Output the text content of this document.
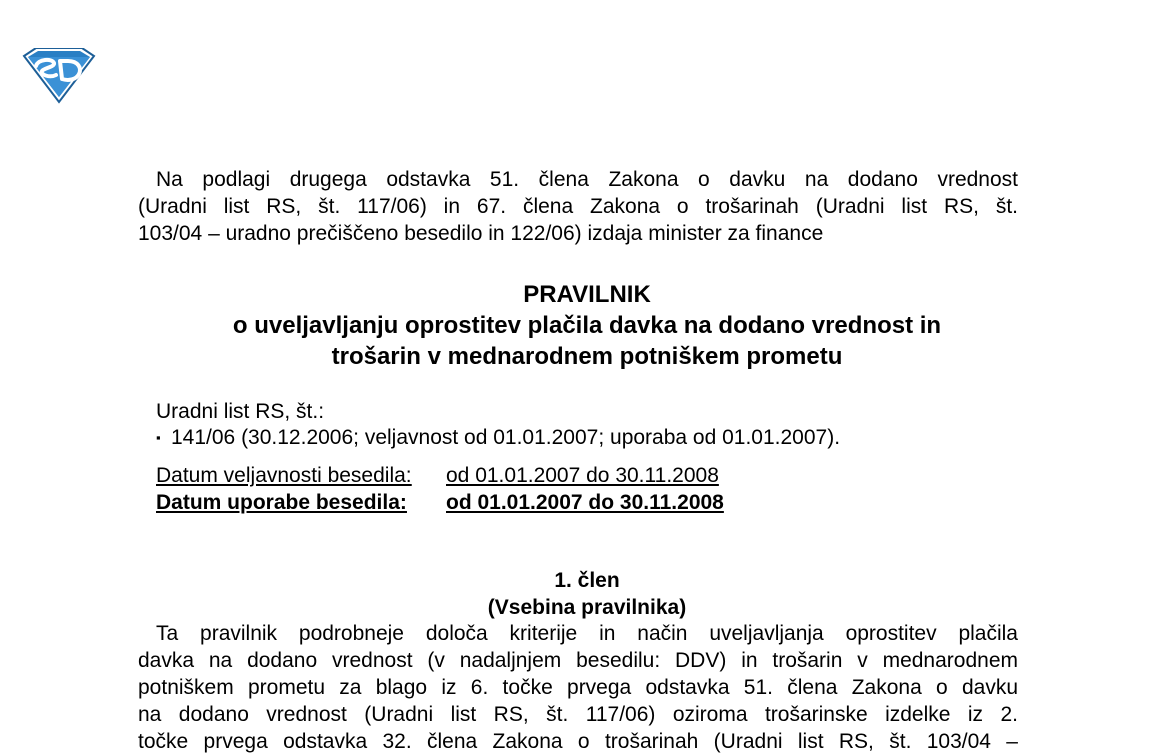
Na podlagi drugega odstavka 51. člena Zakona o davku na dodano vrednost
(Uradni list RS, št. 117/06) in 67. člena Zakona o trošarinah (Uradni list RS, št.
103/04 – uradno prečiščeno besedilo in 122/06) izdaja minister za finance
PRAVILNIK
o uveljavljanju oprostitev plačila davka na dodano vrednost in
trošarin v mednarodnem potniškem prometu
Uradni list RS, št.:
▪ 141/06 (30.12.2006; veljavnost od 01.01.2007; uporaba od 01.01.2007).
Datum veljavnosti besedila: od 01.01.2007 do 30.11.2008
Datum uporabe besedila: od 01.01.2007 do 30.11.2008
1. člen
(Vsebina pravilnika)
Ta pravilnik podrobneje določa kriterije in način uveljavljanja oprostitev plačila
davka na dodano vrednost (v nadaljnjem besedilu: DDV) in trošarin v mednarodnem
potniškem prometu za blago iz 6. točke prvega odstavka 51. člena Zakona o davku
na dodano vrednost (Uradni list RS, št. 117/06) oziroma trošarinske izdelke iz 2.
točke prvega odstavka 32. člena Zakona o trošarinah (Uradni list RS, št. 103/04 –
